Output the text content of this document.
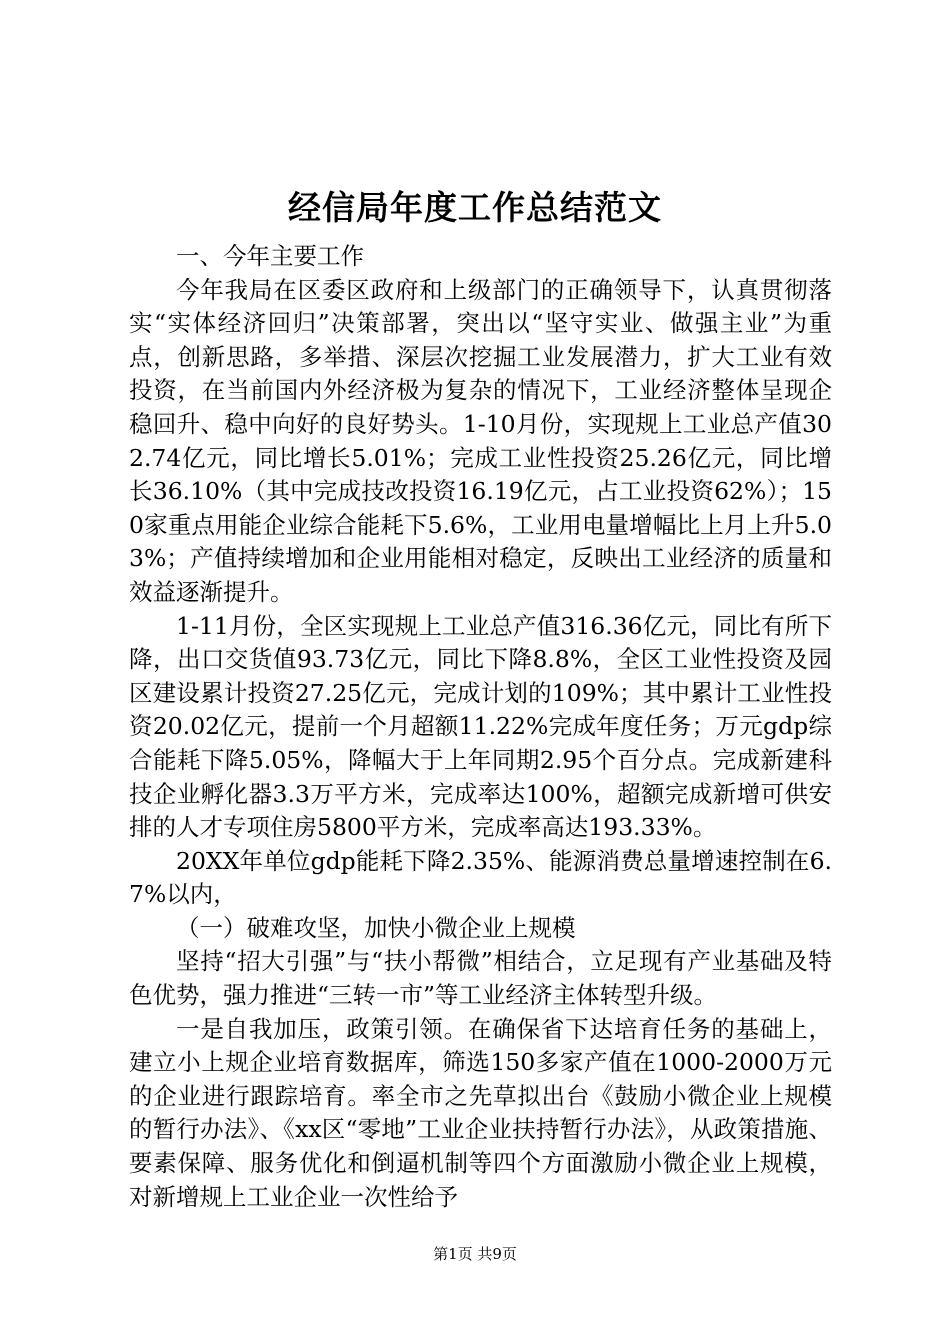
经信局年度工作总结范文

一、今年主要工作

今年我局在区委区政府和上级部门的正确领导下，认真贯彻落实“实体经济回归”决策部署，突出以“坚守实业、做强主业”为重点，创新思路，多举措、深层次挖掘工业发展潜力，扩大工业有效投资，在当前国内外经济极为复杂的情况下，工业经济整体呈现企稳回升、稳中向好的良好势头。1-10月份，实现规上工业总产值302.74亿元，同比增长5.01%；完成工业性投资25.26亿元，同比增长36.10%（其中完成技改投资16.19亿元，占工业投资62%）；150家重点用能企业综合能耗下5.6%，工业用电量增幅比上月上升5.03%；产值持续增加和企业用能相对稳定，反映出工业经济的质量和效益逐渐提升。

1-11月份，全区实现规上工业总产值316.36亿元，同比有所下降，出口交货值93.73亿元，同比下降8.8%，全区工业性投资及园区建设累计投资27.25亿元，完成计划的109%；其中累计工业性投资20.02亿元，提前一个月超额11.22%完成年度任务；万元gdp综合能耗下降5.05%，降幅大于上年同期2.95个百分点。完成新建科技企业孵化器3.3万平方米，完成率达100%，超额完成新增可供安排的人才专项住房5800平方米，完成率高达193.33%。

20XX年单位gdp能耗下降2.35%、能源消费总量增速控制在6.7%以内，

（一）破难攻坚，加快小微企业上规模

坚持“招大引强”与“扶小帮微”相结合，立足现有产业基础及特色优势，强力推进“三转一市”等工业经济主体转型升级。

一是自我加压，政策引领。在确保省下达培育任务的基础上，建立小上规企业培育数据库，筛选150多家产值在1000-2000万元的企业进行跟踪培育。率全市之先草拟出台《鼓励小微企业上规模的暂行办法》、《xx区“零地”工业企业扶持暂行办法》，从政策措施、要素保障、服务优化和倒逼机制等四个方面激励小微企业上规模，对新增规上工业企业一次性给予

第1页 共9页
